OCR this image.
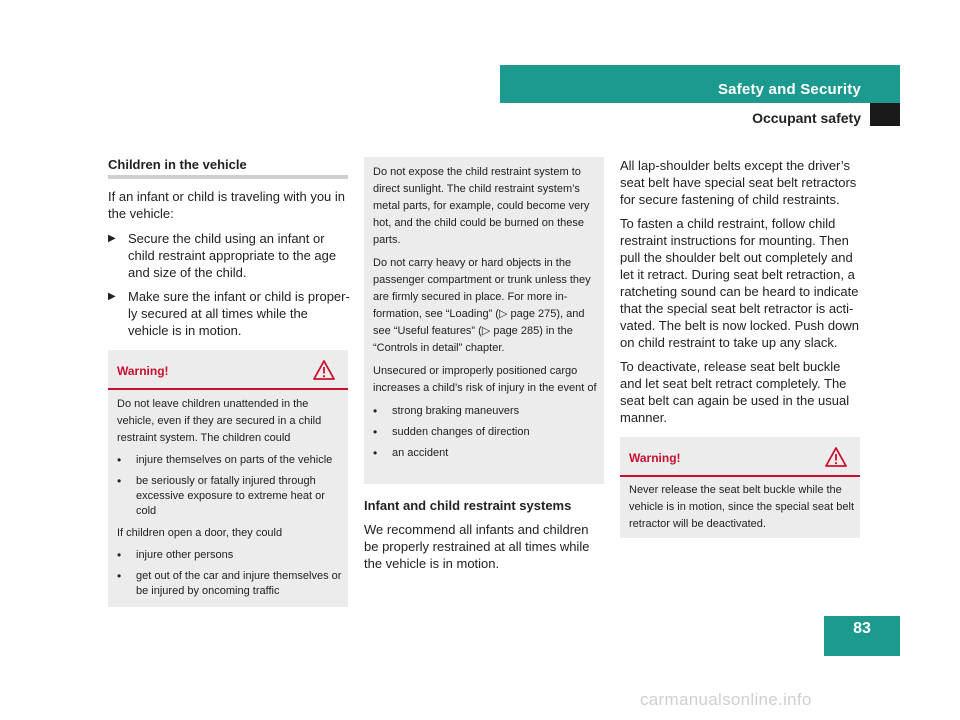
Safety and Security
Occupant safety
Children in the vehicle
If an infant or child is traveling with you in the vehicle:
▶ Secure the child using an infant or child restraint appropriate to the age and size of the child.
▶ Make sure the infant or child is proper-ly secured at all times while the vehicle is in motion.
Warning!
Do not leave children unattended in the vehicle, even if they are secured in a child restraint system. The children could
•	injure themselves on parts of the vehicle
•	be seriously or fatally injured through excessive exposure to extreme heat or cold
If children open a door, they could
•	injure other persons
•	get out of the car and injure themselves or be injured by oncoming traffic
Do not expose the child restraint system to direct sunlight. The child restraint system’s metal parts, for example, could become very hot, and the child could be burned on these parts.
Do not carry heavy or hard objects in the passenger compartment or trunk unless they are firmly secured in place. For more in-formation, see “Loading” (▷ page 275), and see “Useful features” (▷ page 285) in the “Controls in detail” chapter.
Unsecured or improperly positioned cargo increases a child’s risk of injury in the event of
•	strong braking maneuvers
•	sudden changes of direction
•	an accident
Infant and child restraint systems
We recommend all infants and children be properly restrained at all times while the vehicle is in motion.
All lap-shoulder belts except the driver’s seat belt have special seat belt retractors for secure fastening of child restraints.
To fasten a child restraint, follow child restraint instructions for mounting. Then pull the shoulder belt out completely and let it retract. During seat belt retraction, a ratcheting sound can be heard to indicate that the special seat belt retractor is acti-vated. The belt is now locked. Push down on child restraint to take up any slack.
To deactivate, release seat belt buckle and let seat belt retract completely. The seat belt can again be used in the usual manner.
Warning!
Never release the seat belt buckle while the vehicle is in motion, since the special seat belt retractor will be deactivated.
83
carmanualsonline.info
